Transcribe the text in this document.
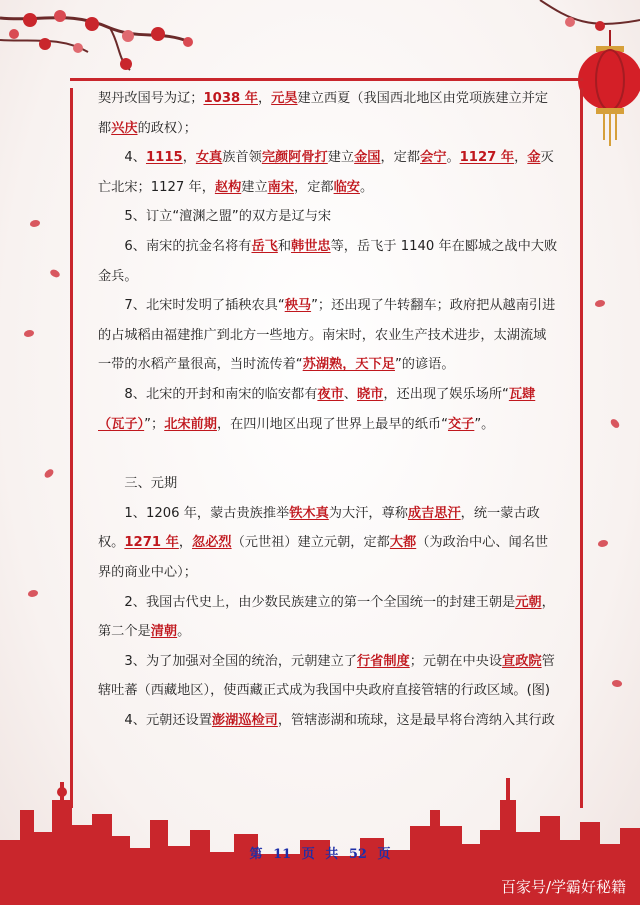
契丹改国号为辽；1038 年，元昊建立西夏（我国西北地区由党项族建立并定都兴庆的政权）；

4、1115，女真族首领完颜阿骨打建立金国，定都会宁。1127 年，金灭亡北宋；1127 年，赵构建立南宋，定都临安。

5、订立“澶渊之盟”的双方是辽与宋

6、南宋的抗金名将有岳飞和韩世忠等，岳飞于 1140 年在郾城之战中大败金兵。

7、北宋时发明了插秧农具“秧马”；还出现了牛转翻车；政府把从越南引进的占城稻由福建推广到北方一些地方。南宋时，农业生产技术进步，太湖流域一带的水稻产量很高，当时流传着“苏湖熟，天下足”的谚语。

8、北宋的开封和南宋的临安都有夜市、晓市，还出现了娱乐场所“瓦肆（瓦子）”；北宋前期，在四川地区出现了世界上最早的纸币“交子”。

三、元期

1、1206 年，蒙古贵族推举铁木真为大汗，尊称成吉思汗，统一蒙古政权。1271 年，忽必烈（元世祖）建立元朝，定都大都（为政治中心、闻名世界的商业中心）；

2、我国古代史上，由少数民族建立的第一个全国统一的封建王朝是元朝，第二个是清朝。

3、为了加强对全国的统治，元朝建立了行省制度；元朝在中央设宣政院管辖吐蕃（西藏地区），使西藏正式成为我国中央政府直接管辖的行政区域。(图)

4、元朝还设置澎湖巡检司，管辖澎湖和琉球，这是最早将台湾纳入其行政

第 11 页 共 52 页
百家号/学霸好秘籍
